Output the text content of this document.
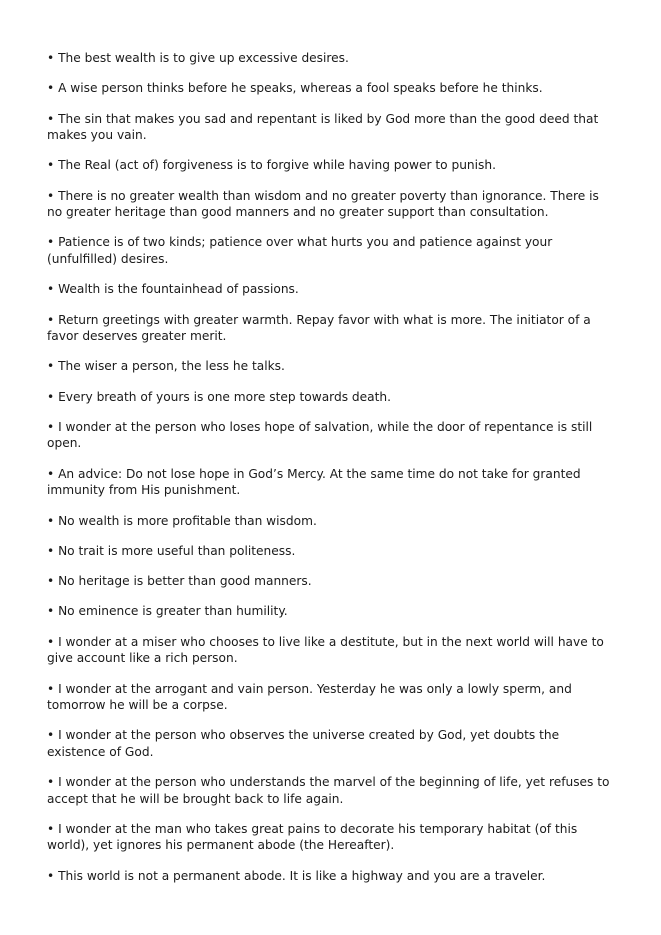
• The best wealth is to give up excessive desires.

• A wise person thinks before he speaks, whereas a fool speaks before he thinks.

• The sin that makes you sad and repentant is liked by God more than the good deed that makes you vain.

• The Real (act of) forgiveness is to forgive while having power to punish.

• There is no greater wealth than wisdom and no greater poverty than ignorance. There is no greater heritage than good manners and no greater support than consultation.

• Patience is of two kinds; patience over what hurts you and patience against your (unfulfilled) desires.

• Wealth is the fountainhead of passions.

• Return greetings with greater warmth. Repay favor with what is more. The initiator of a favor deserves greater merit.

• The wiser a person, the less he talks.

• Every breath of yours is one more step towards death.

• I wonder at the person who loses hope of salvation, while the door of repentance is still open.

• An advice: Do not lose hope in God’s Mercy. At the same time do not take for granted immunity from His punishment.

• No wealth is more profitable than wisdom.

• No trait is more useful than politeness.

• No heritage is better than good manners.

• No eminence is greater than humility.

• I wonder at a miser who chooses to live like a destitute, but in the next world will have to give account like a rich person.

• I wonder at the arrogant and vain person. Yesterday he was only a lowly sperm, and tomorrow he will be a corpse.

• I wonder at the person who observes the universe created by God, yet doubts the existence of God.

• I wonder at the person who understands the marvel of the beginning of life, yet refuses to accept that he will be brought back to life again.

• I wonder at the man who takes great pains to decorate his temporary habitat (of this world), yet ignores his permanent abode (the Hereafter).

• This world is not a permanent abode. It is like a highway and you are a traveler.
